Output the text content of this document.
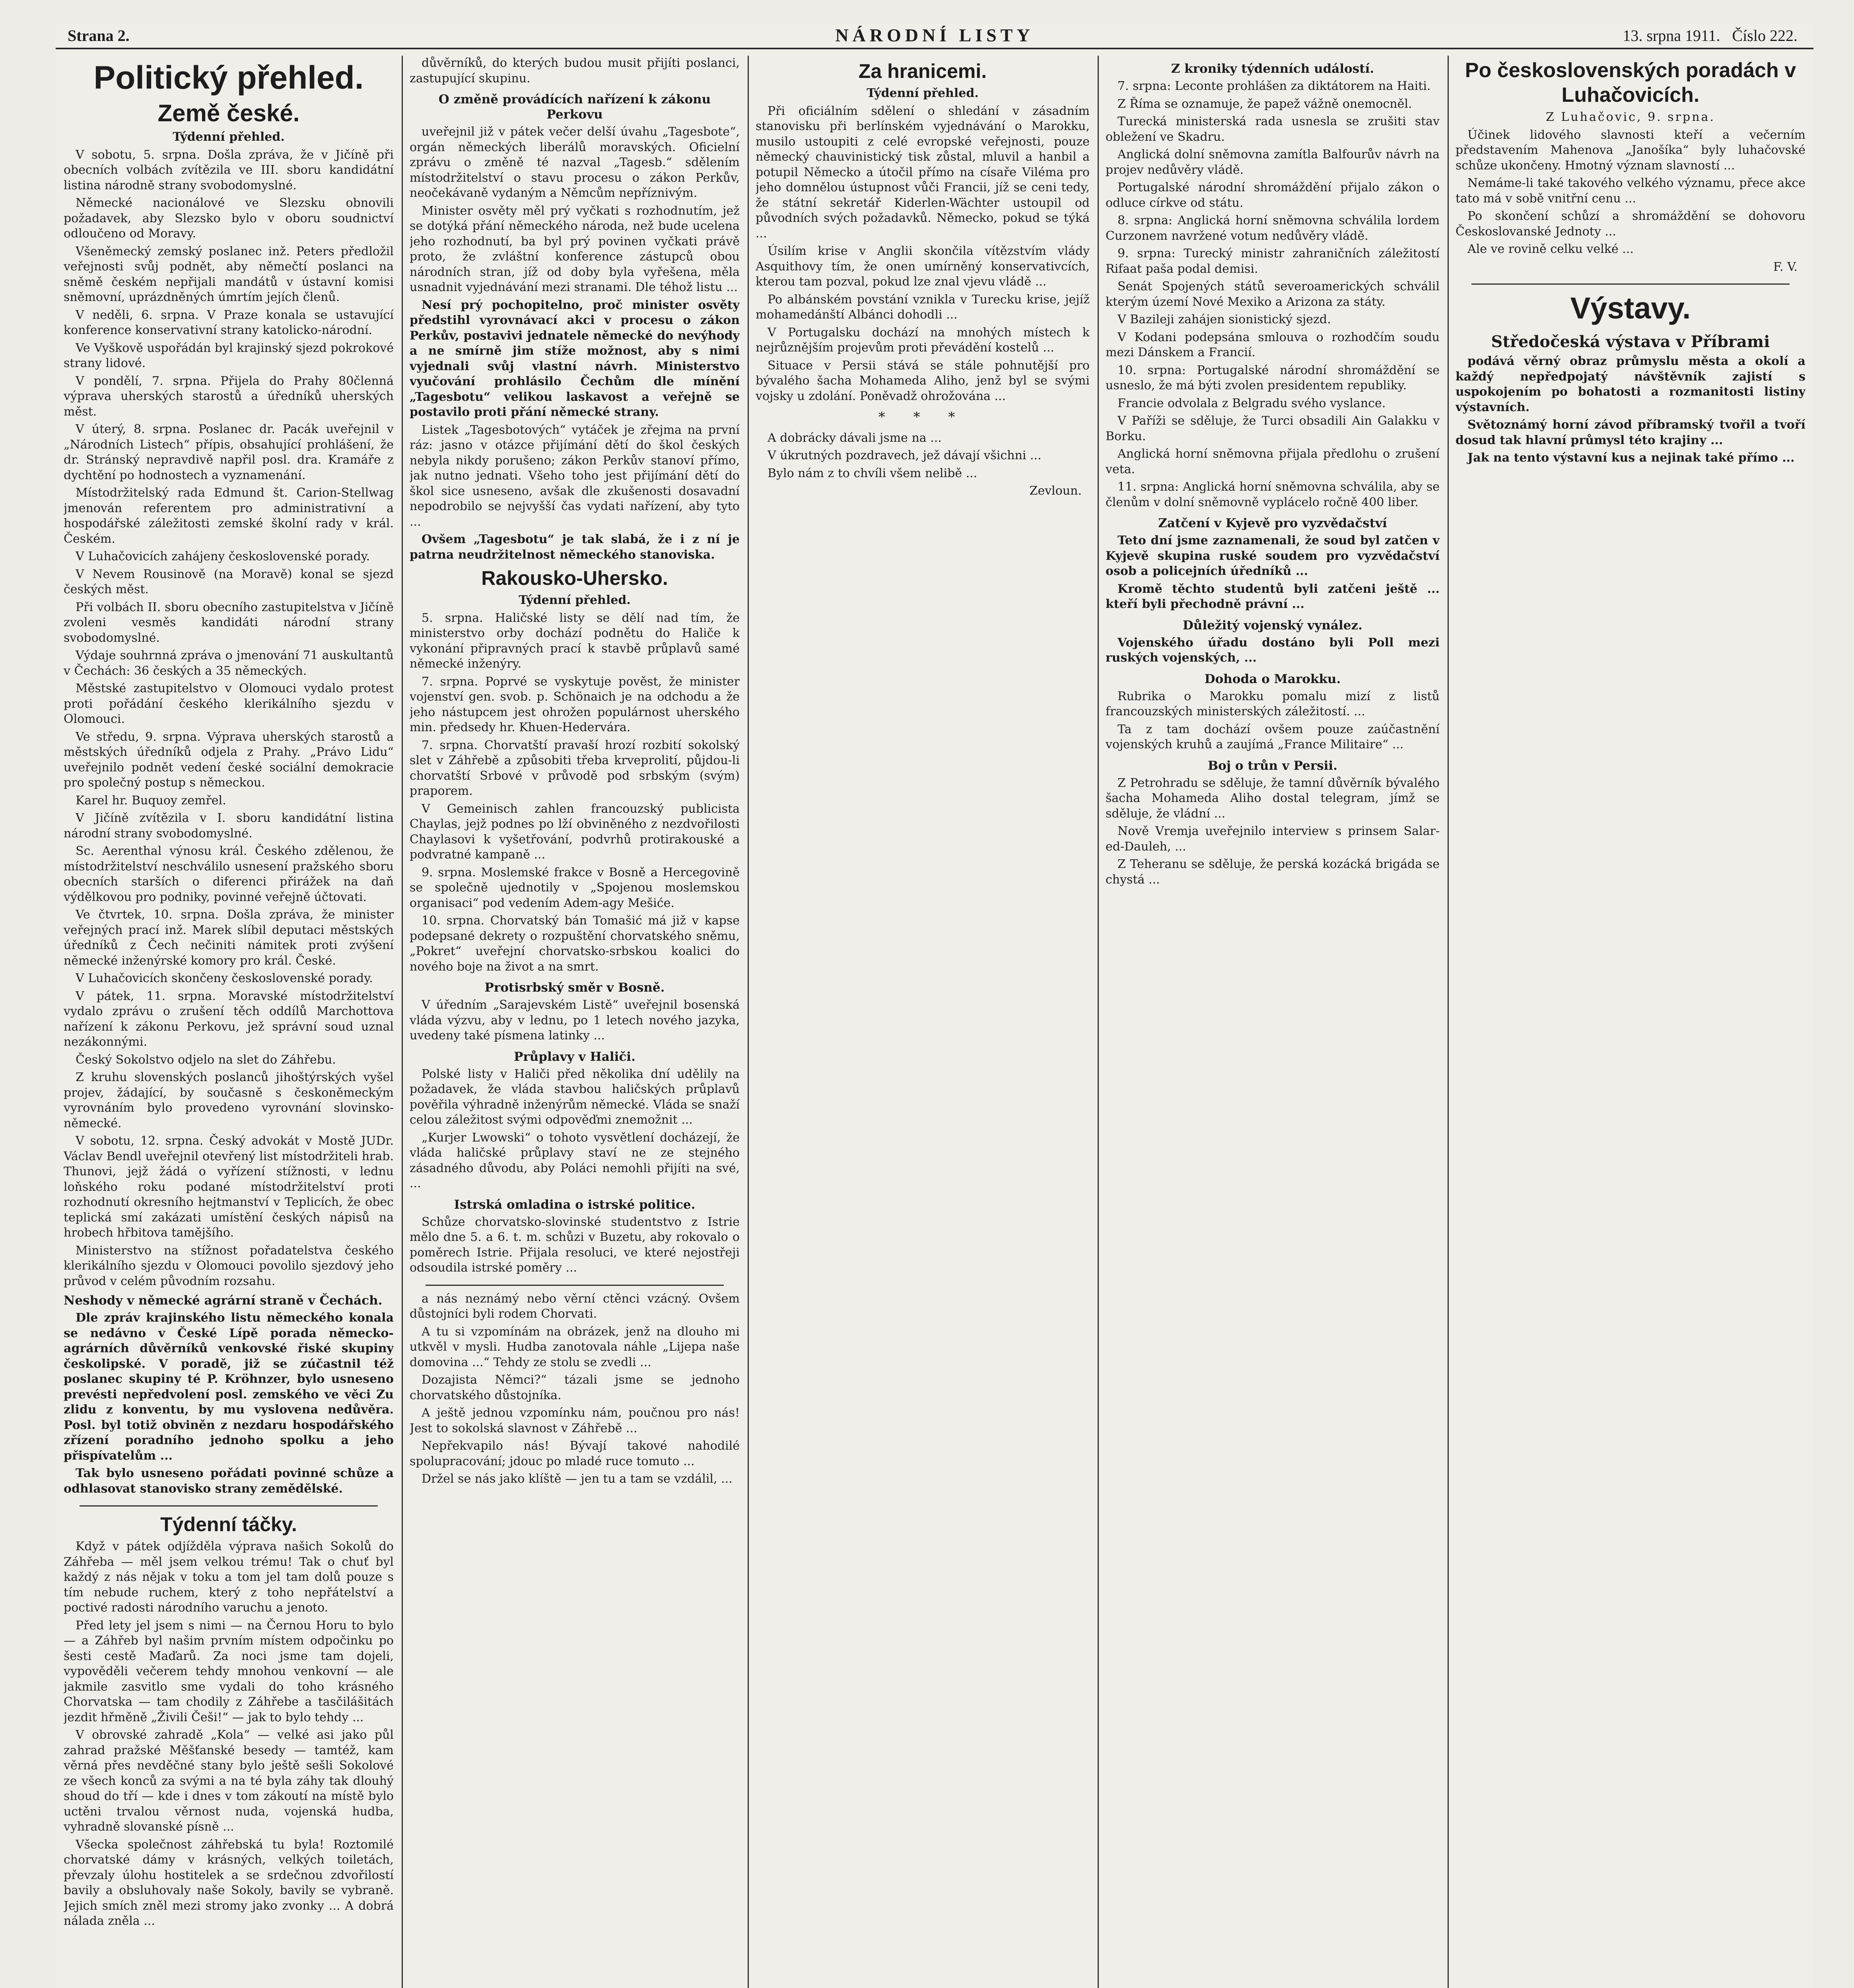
Strana 2.	NÁRODNÍ LISTY	13. srpna 1911. Číslo 222.
Politický přehled.
Země české.
Týdenní přehled.

V sobotu, 5. srpna. Došla zpráva, že v Jičíně při obecních volbách zvítězila ve III. sboru kandidátní listina národně strany svobodomyslné.

Německé nacionálové ve Slezsku obnovili požadavek, aby Slezsko bylo v oboru soudnictví odloučeno od Moravy.

Všeněmecký zemský poslanec inž. Peters předložil veřejnosti svůj podnět, aby němečtí poslanci na sněmě českém nepřijali mandátů v ústavní komisi sněmovní, uprázdněných úmrtím jejích členů.

V neděli, 6. srpna. V Praze konala se ustavující konference konservativní strany katolicko-národní.

Ve Vyškově uspořádán byl krajinský sjezd pokrokové strany lidové.

V pondělí, 7. srpna. Přijela do Prahy 80členná výprava uherských starostů a úředníků uherských měst.

V úterý, 8. srpna. Poslanec dr. Pacák uveřejnil v „Národních Listech“ přípis, obsahující prohlášení, že dr. Stránský nepravdivě napřil posl. dra. Kramáře z dychtění po hodnostech a vyznamenání.

Místodržitelský rada Edmund št. Carion-Stellwag jmenován referentem pro administrativní a hospodářské záležitosti zemské školní rady v král. Českém.

V Luhačovicích zahájeny československé porady.

V Nevem Rousinově (na Moravě) konal se sjezd českých měst.

Při volbách II. sboru obecního zastupitelstva v Jičíně zvoleni vesměs kandidáti národní strany svobodomyslné.

Výdaje souhrnná zpráva o jmenování 71 auskultantů v Čechách: 36 českých a 35 německých.

Městské zastupitelstvo v Olomouci vydalo protest proti pořádání českého klerikálního sjezdu v Olomouci.

Ve středu, 9. srpna. Výprava uherských starostů a městských úředníků odjela z Prahy. „Právo Lidu“ uveřejnilo podnět vedení české sociální demokracie pro společný postup s německou.

Karel hr. Buquoy zemřel.

V Jičíně zvítězila v I. sboru kandidátní listina národní strany svobodomyslné.

Sc. Aerenthal výnosu král. Českého zdělenou, že místodržitelství neschválilo usnesení pražského sboru obecních starších o diferenci přirážek na daň výdělkovou pro podniky, povinné veřejně účtovati.

Ve čtvrtek, 10. srpna. Došla zpráva, že minister veřejných prací inž. Marek slíbil deputaci městských úředníků z Čech nečiniti námitek proti zvýšení německé inženýrské komory pro král. České.

V Luhačovicích skončeny československé porady.

V pátek, 11. srpna. Moravské místodržitelství vydalo zprávu o zrušení těch oddílů Marchottova nařízení k zákonu Perkovu, jež správní soud uznal nezákonnými.

Český Sokolstvo odjelo na slet do Záhřebu.

Z kruhu slovenských poslanců jihoštýrských vyšel projev, žádající, by současně s českoněmeckým vyrovnáním bylo provedeno vyrovnání slovinsko-německé.

V sobotu, 12. srpna. Český advokát v Mostě JUDr. Václav Bendl uveřejnil otevřený list místodržiteli hrab. Thunovi, jejž žádá o vyřízení stížnosti, v lednu loňského roku podané místodržitelství proti rozhodnutí okresního hejtmanství v Teplicích, že obec teplická smí zakázati umístění českých nápisů na hrobech hřbitova tamějšího.

Ministerstvo na stížnost pořadatelstva českého klerikálního sjezdu v Olomouci povolilo sjezdový jeho průvod v celém původním rozsahu.

Neshody v německé agrární straně v Čechách.

Dle zpráv krajinského listu německého konala se nedávno v České Lípě porada německo-agrárních důvěrníků venkovské řiské skupiny českolipské. V poradě, již se zúčastnil též poslanec skupiny té P. Kröhnzer, bylo usneseno prevésti nepředvolení posl. zemského ve věci Zu zlidu z konventu, by mu vyslovena nedůvěra. Posl. byl totiž obviněn z nezdaru hospodářského zřízení poradního jednoho spolku a jeho přispívatelům ...

Tak bylo usneseno pořádati povinné schůze a odhlasovat stanovisko strany zemědělské.

Týdenní táčky.

Když v pátek odjížděla výprava našich Sokolů do Záhřeba — měl jsem velkou trému! Tak o chuť byl každý z nás nějak v toku a tom jel tam dolů pouze s tím nebude ruchem, který z toho nepřátelství a poctivé radosti národního varuchu a jenoto.

Před lety jel jsem s nimi — na Černou Horu to bylo — a Záhřeb byl našim prvním místem odpočinku po šesti cestě Maďarů. Za noci jsme tam dojeli, vypověděli večerem tehdy mnohou venkovní — ale jakmile zasvitlo sme vydali do toho krásného Chorvatska — tam chodily z Záhřebe a tasčilášitách jezdit hřměně „Živili Češi!“ — jak to bylo tehdy ...

V obrovské zahradě „Kola“ — velké asi jako půl zahrad pražské Měšťanské besedy — tamtéž, kam věrná přes nevděčné stany bylo ještě sešli Sokolové ze všech konců za svými a na té byla záhy tak dlouhý shoud do tří — kde i dnes v tom zákoutí na místě bylo uctěni trvalou věrnost nuda, vojenská hudba, vyhradně slovanské písně ...

Všecka společnost záhřebská tu byla! Roztomilé chorvatské dámy v krásných, velkých toiletách, převzaly úlohu hostitelek a se srdečnou zdvořilostí bavily a obsluhovaly naše Sokoly, bavily se vybraně. Jejich smích zněl mezi stromy jako zvonky ... A dobrá nálada zněla ...

důvěrníků, do kterých budou musit přijíti poslanci, zastupující skupinu.

O změně provádících nařízení k zákonu Perkovu

uveřejnil již v pátek večer delší úvahu „Tagesbote“, orgán německých liberálů moravských. Oficielní zprávu o změně té nazval „Tagesb.“ sdělením místodržitelství o stavu procesu o zákon Perkův, neočekávaně vydaným a Němcům nepříznivým.

Minister osvěty měl prý vyčkati s rozhodnutím, jež se dotýká přání německého národa, než bude ucelena jeho rozhodnutí, ba byl prý povinen vyčkati právě proto, že zvláštní konference zástupců obou národních stran, jíž od doby byla vyřešena, měla usnadnit vyjednávání mezi stranami. Dle téhož listu ...

Nesí prý pochopitelno, proč minister osvěty předstihl vyrovnávací akci v procesu o zákon Perkův, postavivi jednatele německé do nevýhody a ne smírně jim stíže možnost, aby s nimi vyjednali svůj vlastní návrh. Ministerstvo vyučování prohlásilo Čechům dle mínění „Tagesbotu“ velikou laskavost a veřejně se postavilo proti přání německé strany.

Listek „Tagesbotových“ vytáček je zřejma na první ráz: jasno v otázce přijímání dětí do škol českých nebyla nikdy porušeno; zákon Perkův stanoví přímo, jak nutno jednati. Všeho toho jest přijímání dětí do škol sice usneseno, avšak dle zkušenosti dosavadní nepodrobilo se nejvyšší čas vydati nařízení, aby tyto ...

Ovšem „Tagesbotu“ je tak slabá, že i z ní je patrna neudržitelnost německého stanoviska.

Rakousko-Uhersko.
Týdenní přehled.

5. srpna. Haličské listy se dělí nad tím, že ministerstvo orby dochází podnětu do Haliče k vykonání připravných prací k stavbě průplavů samé německé inženýry.

7. srpna. Poprvé se vyskytuje pověst, že minister vojenství gen. svob. p. Schönaich je na odchodu a že jeho nástupcem jest ohrožen populárnost uherského min. předsedy hr. Khuen-Hedervára.

7. srpna. Chorvatští pravaší hrozí rozbití sokolský slet v Záhřebě a způsobiti třeba krveprolití, půjdou-li chorvatští Srbové v průvodě pod srbským (svým) praporem.

V Gemeinisch zahlen francouzský publicista Chaylas, jejž podnes po lží obviněného z nezdvořilosti Chaylasovi k vyšetřování, podvrhů protirakouské a podvratné kampaně ...

9. srpna. Moslemské frakce v Bosně a Hercegovině se společně ujednotily v „Spojenou moslemskou organisaci“ pod vedením Adem-agy Mešiće.

10. srpna. Chorvatský bán Tomašić má již v kapse podepsané dekrety o rozpuštění chorvatského sněmu, „Pokret“ uveřejní chorvatsko-srbskou koalici do nového boje na život a na smrt.

Protisrbský směr v Bosně.

V úředním „Sarajevském Listě“ uveřejnil bosenská vláda výzvu, aby v lednu, po 1 letech nového jazyka, uvedeny také písmena latinky ...

Průplavy v Haliči.

Polské listy v Haliči před několika dní udělily na požadavek, že vláda stavbou haličských průplavů pověřila výhradně inženýrům německé. Vláda se snaží celou záležitost svými odpověďmi znemožnit ...

„Kurjer Lwowski“ o tohoto vysvětlení docházejí, že vláda haličské průplavy staví ne ze stejného zásadného důvodu, aby Poláci nemohli přijíti na své, ...

Istrská omladina o istrské politice.

Schůze chorvatsko-slovinské studentstvo z Istrie mělo dne 5. a 6. t. m. schůzi v Buzetu, aby rokovalo o poměrech Istrie. Přijala resoluci, ve které nejostřeji odsoudila istrské poměry ...

a nás neznámý nebo věrní ctěnci vzácný. Ovšem důstojníci byli rodem Chorvati.

A tu si vzpomínám na obrázek, jenž na dlouho mi utkvěl v mysli. Hudba zanotovala náhle „Lijepa naše domovina ...“ Tehdy ze stolu se zvedli ...

Dozajista Němci?“ tázali jsme se jednoho chorvatského důstojníka.

A ještě jednou vzpomínku nám, poučnou pro nás! Jest to sokolská slavnost v Záhřebě ...

Nepřekvapilo nás! Bývají takové nahodilé spolupracování; jdouc po mladé ruce tomuto ...

Držel se nás jako klíště — jen tu a tam se vzdálil, ...

Za hranicemi.
Týdenní přehled.

Při oficiálním sdělení o shledání v zásadním stanovisku při berlínském vyjednávání o Marokku, musilo ustoupiti z celé evropské veřejnosti, pouze německý chauvinistický tisk zůstal, mluvil a hanbil a potupil Německo a útočil přímo na císaře Viléma pro jeho domnělou ústupnost vůči Francii, jíž se ceni tedy, že státní sekretář Kiderlen-Wächter ustoupil od původních svých požadavků. Německo, pokud se týká ...

Úsilím krise v Anglii skončila vítězstvím vlády Asquithovy tím, že onen umírněný konservativcích, kterou tam pozval, pokud lze znal vjevu vládě ...

Po albánském povstání vznikla v Turecku krise, jejíž mohamedánští Albánci dohodli ...

V Portugalsku dochází na mnohých místech k nejrůznějším projevům proti převádění kostelů ...

Situace v Persii stává se stále pohnutější pro bývalého šacha Mohameda Aliho, jenž byl se svými vojsky u zdolání. Poněvadž ohrožována ...

* * *

A dobrácky dávali jsme na ...

V úkrutných pozdravech, jež dávají všichni ...

Bylo nám z to chvíli všem nelibě ...

Zevloun.
Z kroniky týdenních událostí.

7. srpna: Leconte prohlášen za diktátorem na Haiti.

Z Říma se oznamuje, že papež vážně onemocněl.

Turecká ministerská rada usnesla se zrušiti stav obležení ve Skadru.

Anglická dolní sněmovna zamítla Balfourův návrh na projev nedůvěry vládě.

Portugalské národní shromáždění přijalo zákon o odluce církve od státu.

8. srpna: Anglická horní sněmovna schválila lordem Curzonem navržené votum nedůvěry vládě.

9. srpna: Turecký ministr zahraničních záležitostí Rifaat paša podal demisi.

Senát Spojených států severoamerických schválil kterým území Nové Mexiko a Arizona za státy.

V Bazileji zahájen sionistický sjezd.

V Kodani podepsána smlouva o rozhodčím soudu mezi Dánskem a Francií.

10. srpna: Portugalské národní shromáždění se usneslo, že má býti zvolen presidentem republiky.

Francie odvolala z Belgradu svého vyslance.

V Paříži se sděluje, že Turci obsadili Ain Galakku v Borku.

Anglická horní sněmovna přijala předlohu o zrušení veta.

11. srpna: Anglická horní sněmovna schválila, aby se členům v dolní sněmovně vyplácelo ročně 400 liber.

Zatčení v Kyjevě pro vyzvědačství

Teto dní jsme zaznamenali, že soud byl zatčen v Kyjevě skupina ruské soudem pro vyzvědačství osob a policejních úředníků ...

Kromě těchto studentů byli zatčeni ještě ... kteří byli přechodně právní ...

Důležitý vojenský vynález.

Vojenského úřadu dostáno byli Poll mezi ruských vojenských, ...

Dohoda o Marokku.

Rubrika o Marokku pomalu mizí z listů francouzských ministerských záležitostí. ...

Ta z tam dochází ovšem pouze zaúčastnění vojenských kruhů a zaujímá „France Militaire“ ...

Boj o trůn v Persii.

Z Petrohradu se sděluje, že tamní důvěrník bývalého šacha Mohameda Aliho dostal telegram, jímž se sděluje, že vládní ...

Nově Vremja uveřejnilo interview s prinsem Salar-ed-Dauleh, ...

Z Teheranu se sděluje, že perská kozácká brigáda se chystá ...

Po československých poradách v Luhačovicích.
Z Luhačovic, 9. srpna.

Účinek lidového slavnosti kteří a večerním představením Mahenova „Janošíka“ byly luhačovské schůze ukončeny. Hmotný význam slavností ...

Nemáme-li také takového velkého významu, přece akce tato má v sobě vnitřní cenu ...

Po skončení schůzí a shromáždění se dohovoru Českoslovanské Jednoty ...

Ale ve rovině celku velké ...

F. V.
Výstavy.
Středočeská výstava v Příbrami

podává věrný obraz průmyslu města a okolí a každý nepředpojatý návštěvník zajistí s uspokojením po bohatosti a rozmanitosti listiny výstavních.

Světoznámý horní závod příbramský tvořil a tvoří dosud tak hlavní průmysl této krajiny ...

Jak na tento výstavní kus a nejinak také přímo ...
